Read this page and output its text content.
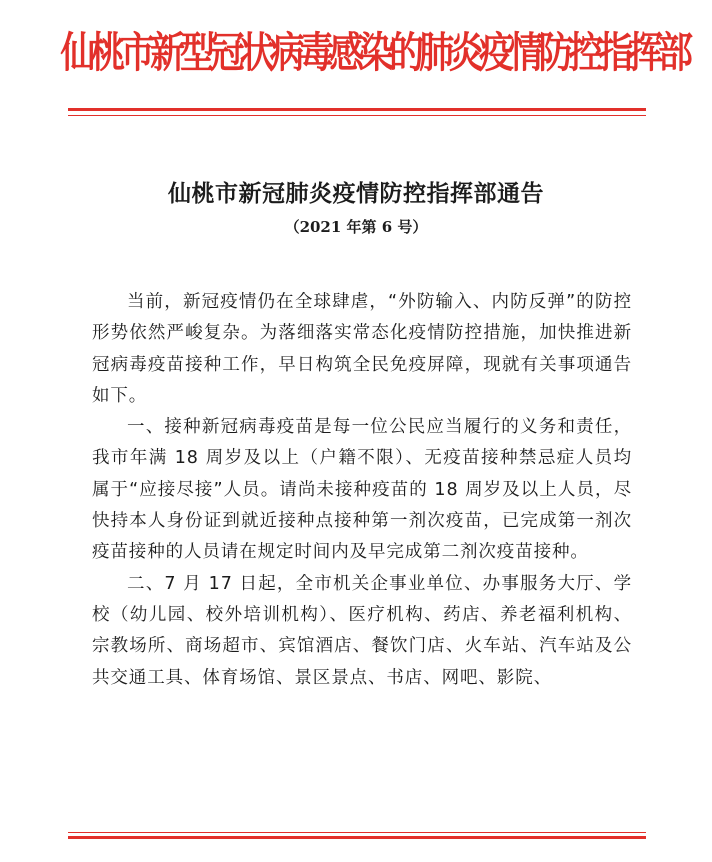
仙桃市新型冠状病毒感染的肺炎疫情防控指挥部
仙桃市新冠肺炎疫情防控指挥部通告
（2021 年第 6 号）

当前，新冠疫情仍在全球肆虐，“外防输入、内防反弹”的防控形势依然严峻复杂。为落细落实常态化疫情防控措施，加快推进新冠病毒疫苗接种工作，早日构筑全民免疫屏障，现就有关事项通告如下。

一、接种新冠病毒疫苗是每一位公民应当履行的义务和责任，我市年满 18 周岁及以上（户籍不限）、无疫苗接种禁忌症人员均属于“应接尽接”人员。请尚未接种疫苗的 18 周岁及以上人员，尽快持本人身份证到就近接种点接种第一剂次疫苗，已完成第一剂次疫苗接种的人员请在规定时间内及早完成第二剂次疫苗接种。

二、7 月 17 日起，全市机关企事业单位、办事服务大厅、学校（幼儿园、校外培训机构）、医疗机构、药店、养老福利机构、宗教场所、商场超市、宾馆酒店、餐饮门店、火车站、汽车站及公共交通工具、体育场馆、景区景点、书店、网吧、影院、
